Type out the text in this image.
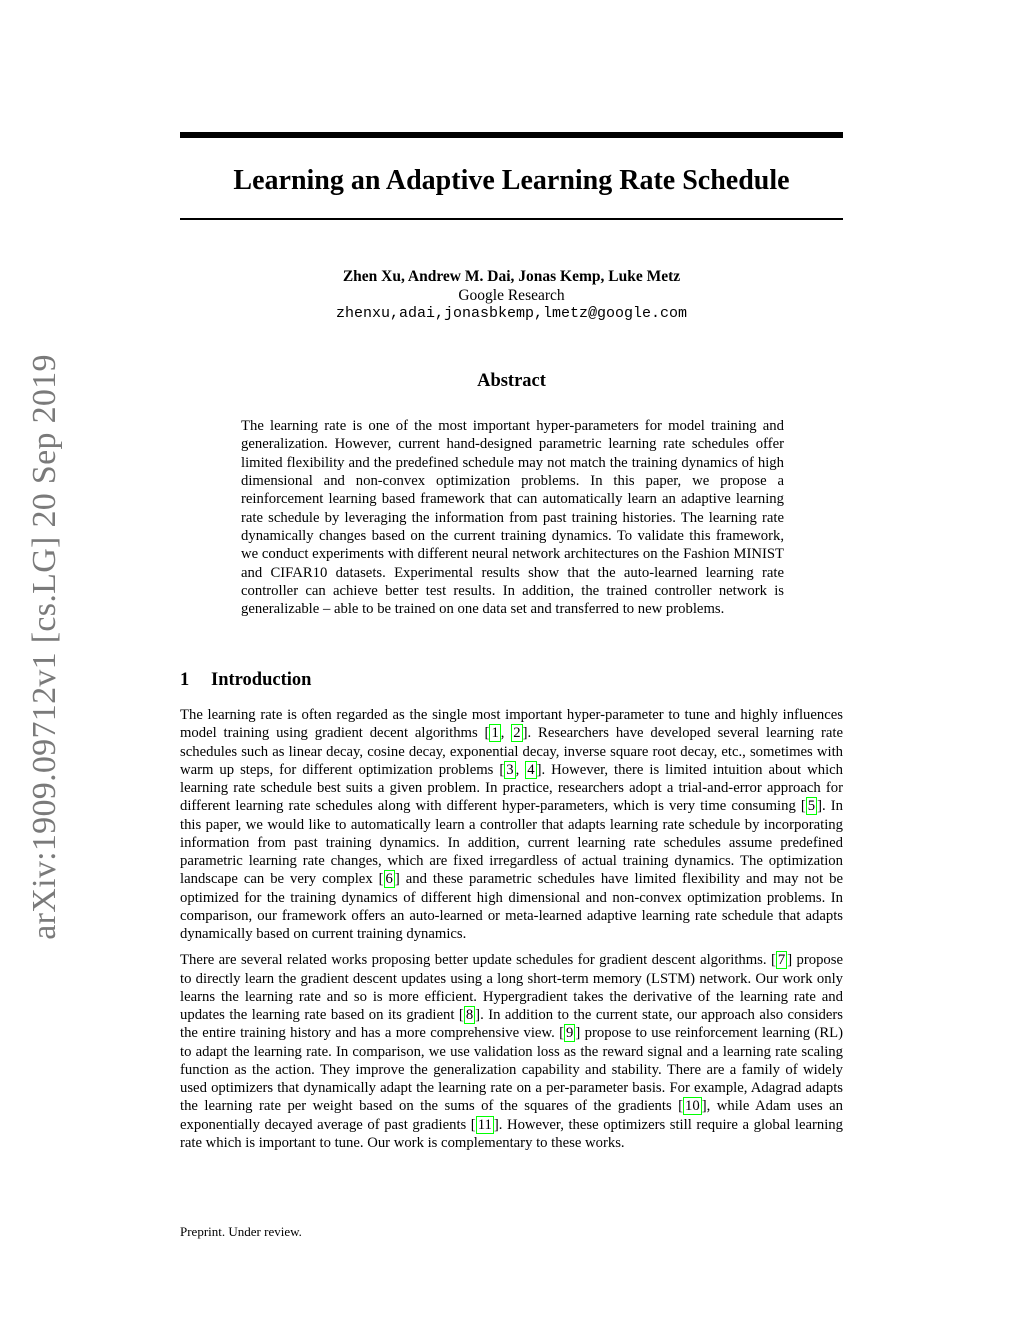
arXiv:1909.09712v1 [cs.LG] 20 Sep 2019
Learning an Adaptive Learning Rate Schedule
Zhen Xu, Andrew M. Dai, Jonas Kemp, Luke Metz
Google Research
zhenxu,adai,jonasbkemp,lmetz@google.com
Abstract

The learning rate is one of the most important hyper-parameters for model training and generalization. However, current hand-designed parametric learning rate schedules offer limited flexibility and the predefined schedule may not match the training dynamics of high dimensional and non-convex optimization problems. In this paper, we propose a reinforcement learning based framework that can automatically learn an adaptive learning rate schedule by leveraging the information from past training histories. The learning rate dynamically changes based on the current training dynamics. To validate this framework, we conduct experiments with different neural network architectures on the Fashion MINIST and CIFAR10 datasets. Experimental results show that the auto-learned learning rate controller can achieve better test results. In addition, the trained controller network is generalizable – able to be trained on one data set and transferred to new problems.

1 Introduction

The learning rate is often regarded as the single most important hyper-parameter to tune and highly influences model training using gradient decent algorithms [ 1 , 2 ]. Researchers have developed several learning rate schedules such as linear decay, cosine decay, exponential decay, inverse square root decay, etc., sometimes with warm up steps, for different optimization problems [ 3 , 4 ]. However, there is limited intuition about which learning rate schedule best suits a given problem. In practice, researchers adopt a trial-and-error approach for different learning rate schedules along with different hyper-parameters, which is very time consuming [ 5 ]. In this paper, we would like to automatically learn a controller that adapts learning rate schedule by incorporating information from past training dynamics. In addition, current learning rate schedules assume predefined parametric learning rate changes, which are fixed irregardless of actual training dynamics. The optimization landscape can be very complex [ 6 ] and these parametric schedules have limited flexibility and may not be optimized for the training dynamics of different high dimensional and non-convex optimization problems. In comparison, our framework offers an auto-learned or meta-learned adaptive learning rate schedule that adapts dynamically based on current training dynamics.

There are several related works proposing better update schedules for gradient descent algorithms. [ 7 ] propose to directly learn the gradient descent updates using a long short-term memory (LSTM) network. Our work only learns the learning rate and so is more efficient. Hypergradient takes the derivative of the learning rate and updates the learning rate based on its gradient [ 8 ]. In addition to the current state, our approach also considers the entire training history and has a more comprehensive view. [ 9 ] propose to use reinforcement learning (RL) to adapt the learning rate. In comparison, we use validation loss as the reward signal and a learning rate scaling function as the action. They improve the generalization capability and stability. There are a family of widely used optimizers that dynamically adapt the learning rate on a per-parameter basis. For example, Adagrad adapts the learning rate per weight based on the sums of the squares of the gradients [ 10 ], while Adam uses an exponentially decayed average of past gradients [ 11 ]. However, these optimizers still require a global learning rate which is important to tune. Our work is complementary to these works.

Preprint. Under review.
